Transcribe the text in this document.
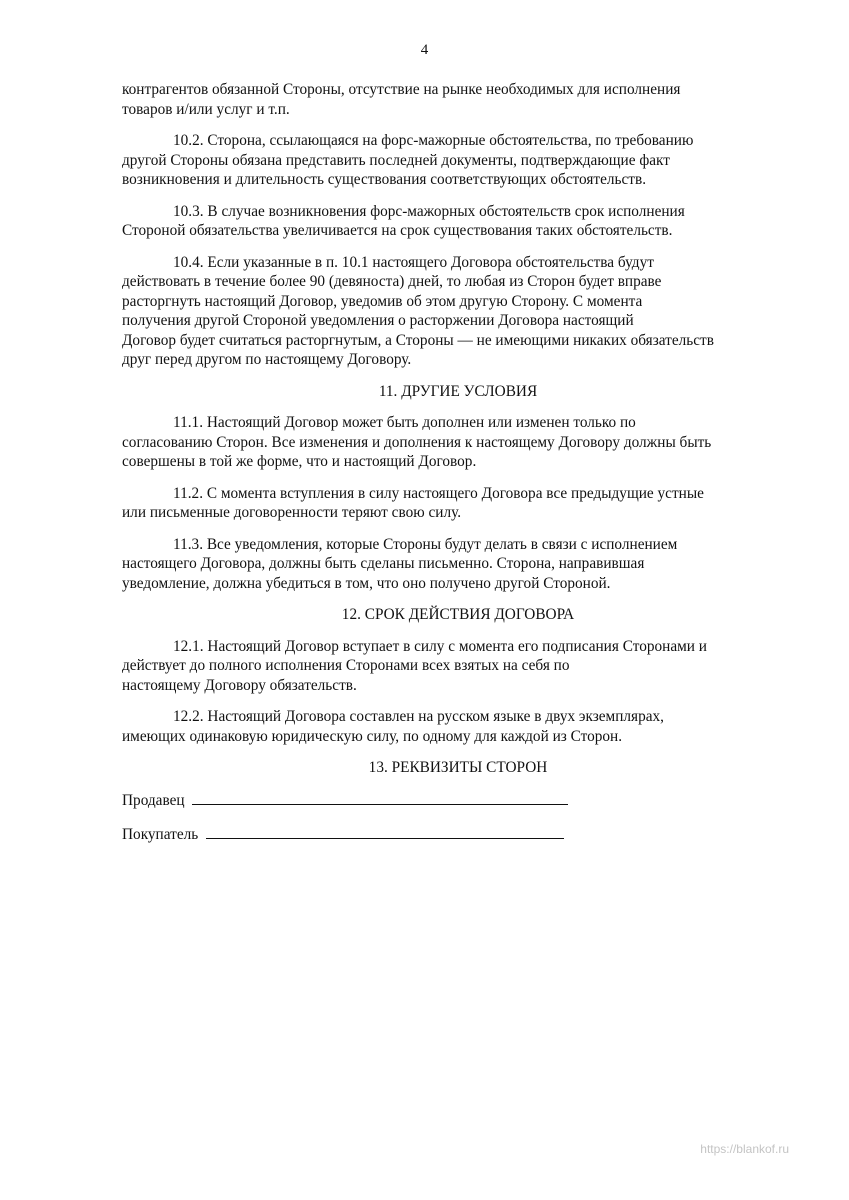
4
контрагентов обязанной Стороны, отсутствие на рынке необходимых для исполнения
товаров и/или услуг и т.п.
10.2. Сторона, ссылающаяся на форс-мажорные обстоятельства, по требованию
другой Стороны обязана представить последней документы, подтверждающие факт
возникновения и длительность существования соответствующих обстоятельств.
10.3. В случае возникновения форс-мажорных обстоятельств срок исполнения
Стороной обязательства увеличивается на срок существования таких обстоятельств.
10.4. Если указанные в п. 10.1 настоящего Договора обстоятельства будут
действовать в течение более 90 (девяноста) дней, то любая из Сторон будет вправе
расторгнуть настоящий Договор, уведомив об этом другую Сторону. С момента
получения другой Стороной уведомления о расторжении Договора настоящий
Договор будет считаться расторгнутым, а Стороны — не имеющими никаких обязательств
друг перед другом по настоящему Договору.
11. ДРУГИЕ УСЛОВИЯ
11.1. Настоящий Договор может быть дополнен или изменен только по
согласованию Сторон. Все изменения и дополнения к настоящему Договору должны быть
совершены в той же форме, что и настоящий Договор.
11.2. С момента вступления в силу настоящего Договора все предыдущие устные
или письменные договоренности теряют свою силу.
11.3. Все уведомления, которые Стороны будут делать в связи с исполнением
настоящего Договора, должны быть сделаны письменно. Сторона, направившая
уведомление, должна убедиться в том, что оно получено другой Стороной.
12. СРОК ДЕЙСТВИЯ ДОГОВОРА
12.1. Настоящий Договор вступает в силу с момента его подписания Сторонами и
действует до полного исполнения Сторонами всех взятых на себя по
настоящему Договору обязательств.
12.2. Настоящий Договора составлен на русском языке в двух экземплярах,
имеющих одинаковую юридическую силу, по одному для каждой из Сторон.
13. РЕКВИЗИТЫ СТОРОН
Продавец
Покупатель
https://blankof.ru
